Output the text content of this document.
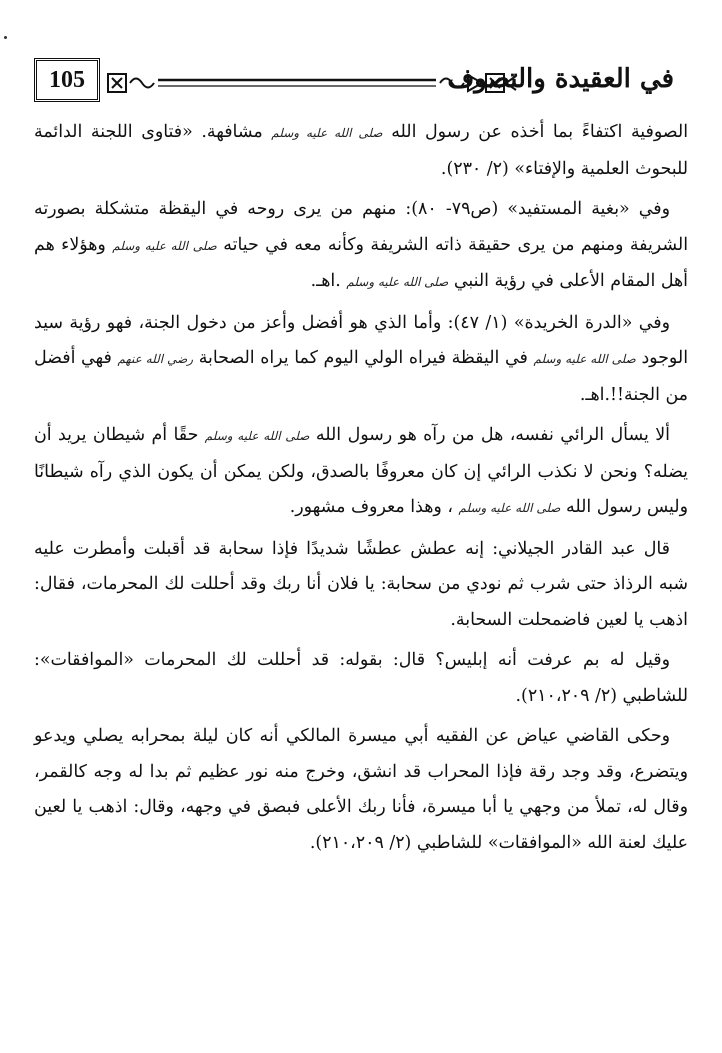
105	في العقيدة والتصوف

الصوفية اكتفاءً بما أخذه عن رسول الله صلى الله عليه وسلم مشافهة. «فتاوى اللجنة الدائمة للبحوث العلمية والإفتاء» (٢/ ٢٣٠).

وفي «بغية المستفيد» (ص٧٩- ٨٠): منهم من يرى روحه في اليقظة متشكلة بصورته الشريفة ومنهم من يرى حقيقة ذاته الشريفة وكأنه معه في حياته صلى الله عليه وسلم وهؤلاء هم أهل المقام الأعلى في رؤية النبي صلى الله عليه وسلم .اهـ.

وفي «الدرة الخريدة» (١/ ٤٧): وأما الذي هو أفضل وأعز من دخول الجنة، فهو رؤية سيد الوجود صلى الله عليه وسلم في اليقظة فيراه الولي اليوم كما يراه الصحابة رضي الله عنهم فهي أفضل من الجنة!!.اهـ.

ألا يسأل الرائي نفسه، هل من رآه هو رسول الله صلى الله عليه وسلم حقًا أم شيطان يريد أن يضله؟ ونحن لا نكذب الرائي إن كان معروفًا بالصدق، ولكن يمكن أن يكون الذي رآه شيطانًا وليس رسول الله صلى الله عليه وسلم ، وهذا معروف مشهور.

قال عبد القادر الجيلاني: إنه عطش عطشًا شديدًا فإذا سحابة قد أقبلت وأمطرت عليه شبه الرذاذ حتى شرب ثم نودي من سحابة: يا فلان أنا ربك وقد أحللت لك المحرمات، فقال: اذهب يا لعين فاضمحلت السحابة.

وقيل له بم عرفت أنه إبليس؟ قال: بقوله: قد أحللت لك المحرمات «الموافقات»: للشاطبي (٢/ ٢١٠،٢٠٩).

وحكى القاضي عياض عن الفقيه أبي ميسرة المالكي أنه كان ليلة بمحرابه يصلي ويدعو ويتضرع، وقد وجد رقة فإذا المحراب قد انشق، وخرج منه نور عظيم ثم بدا له وجه كالقمر، وقال له، تملأ من وجهي يا أبا ميسرة، فأنا ربك الأعلى فبصق في وجهه، وقال: اذهب يا لعين عليك لعنة الله «الموافقات» للشاطبي (٢/ ٢١٠،٢٠٩).
